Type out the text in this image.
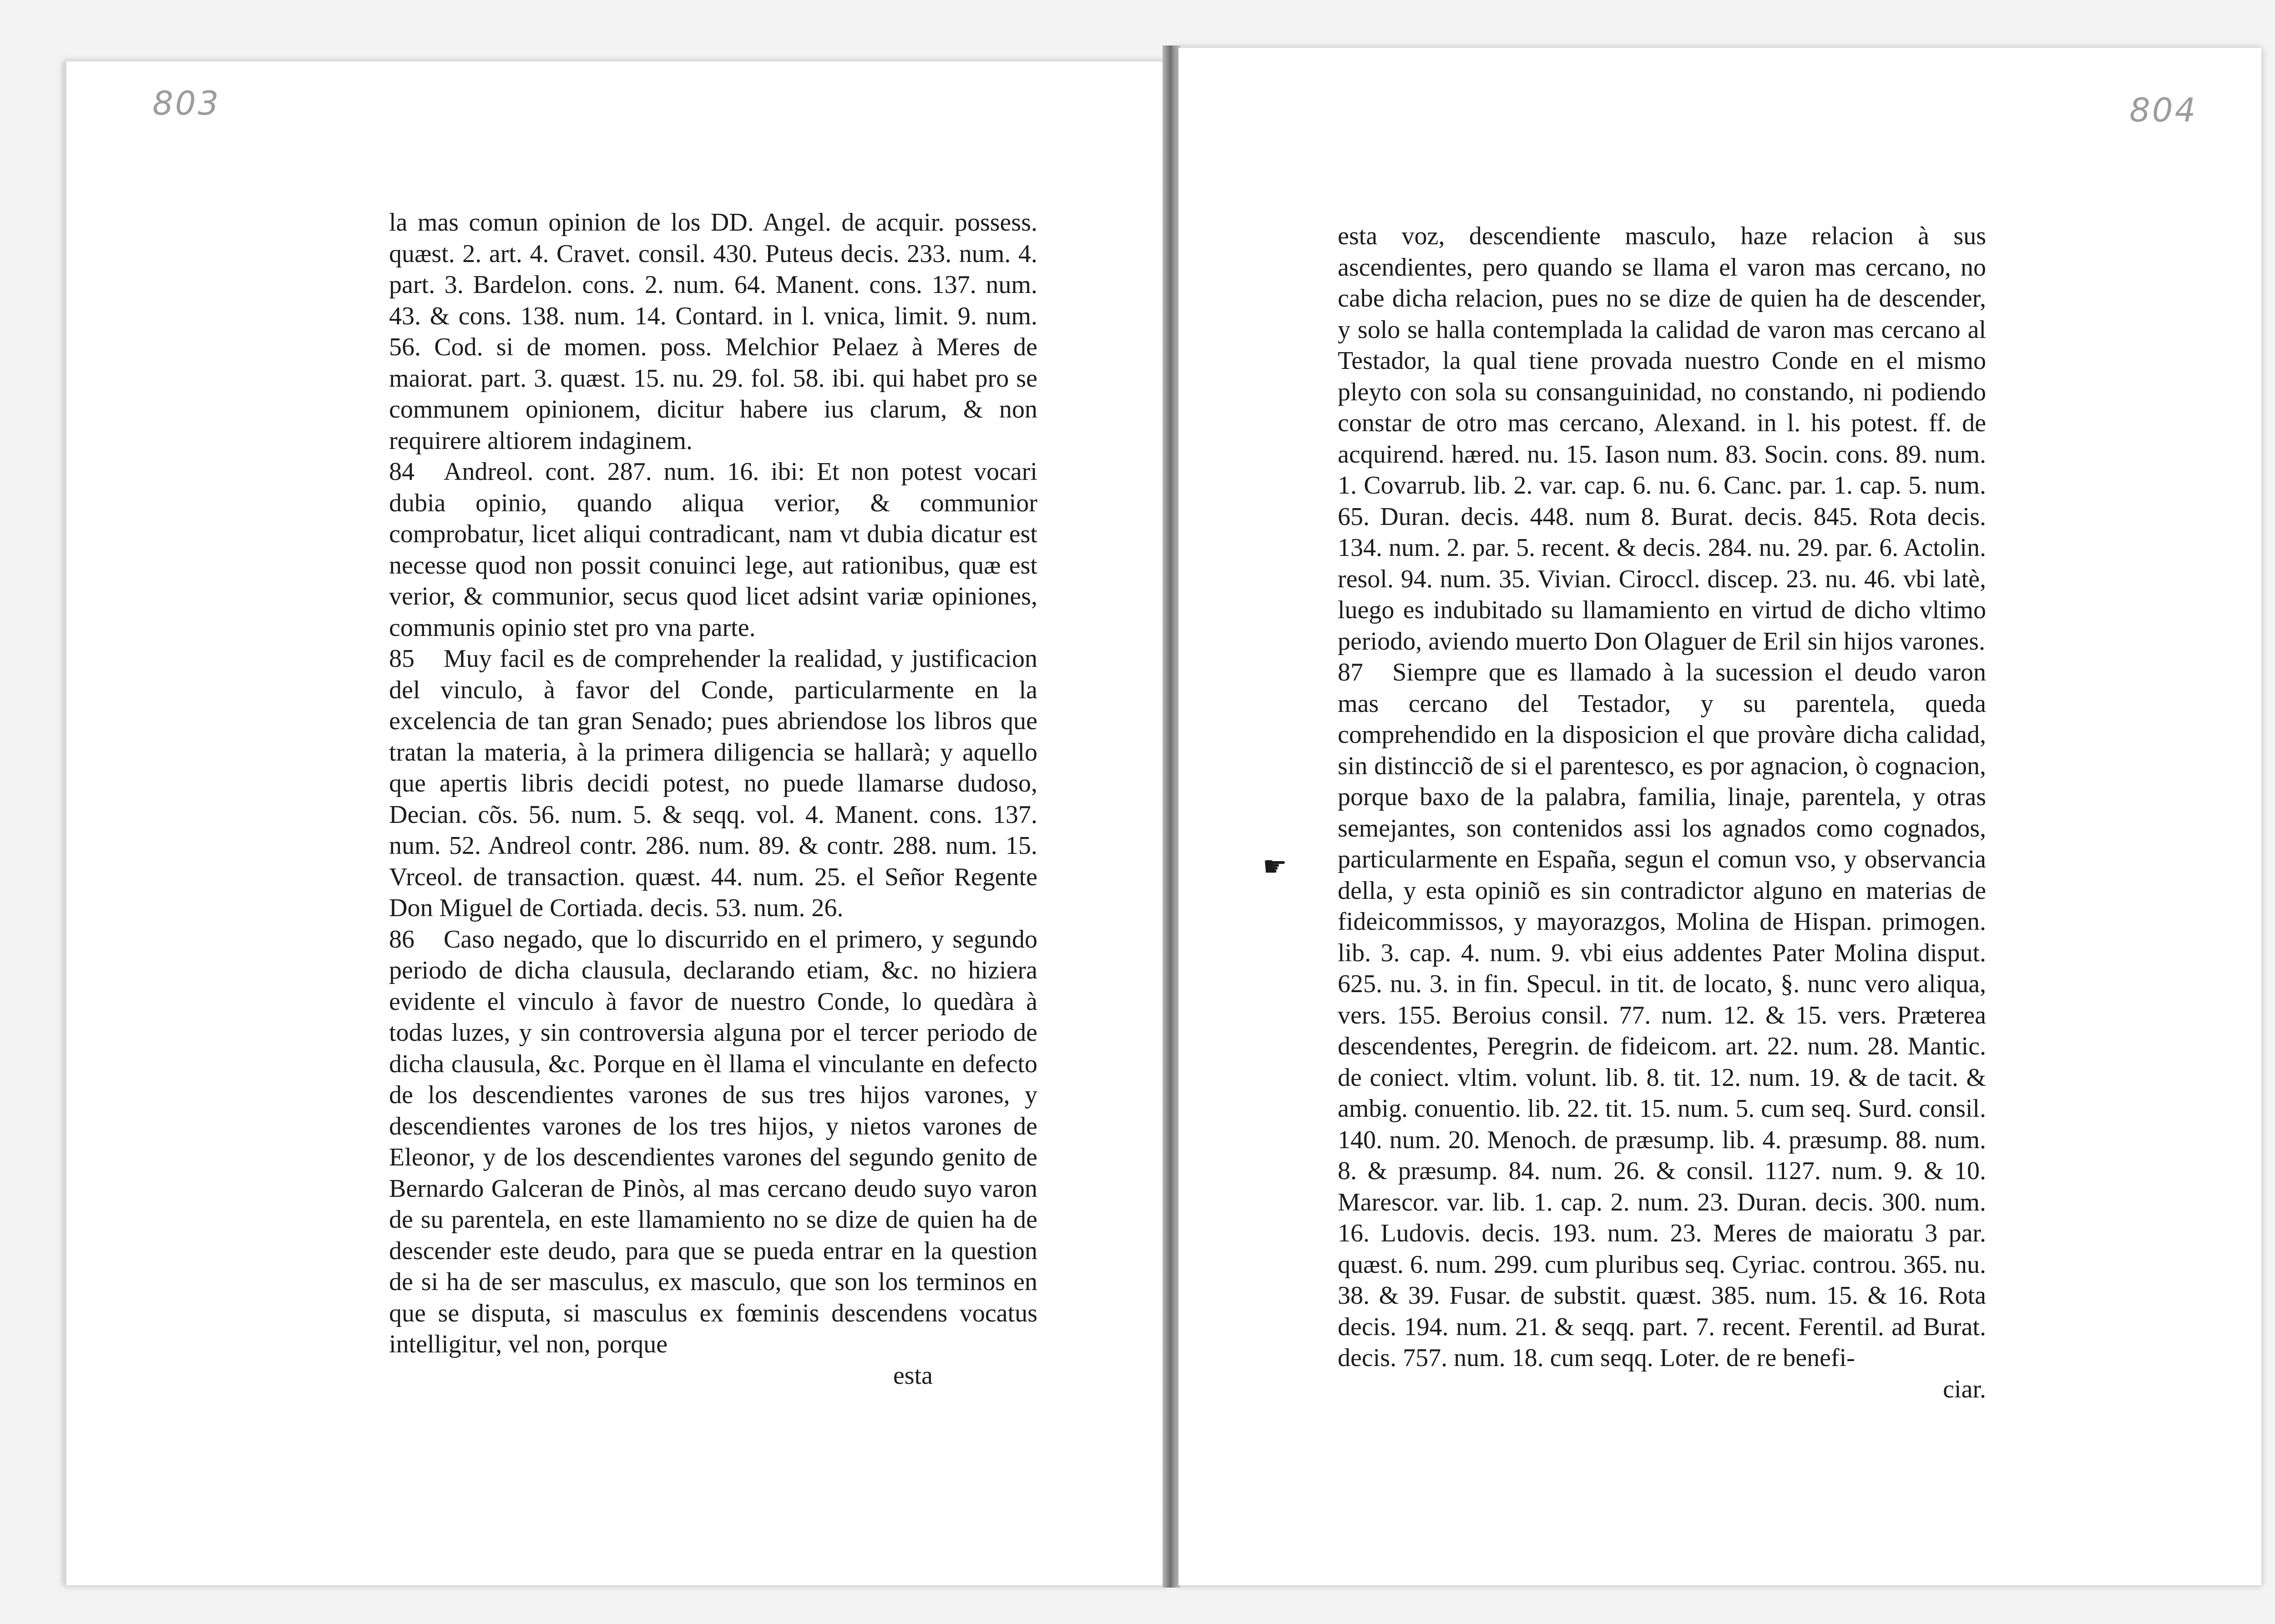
803	804

la mas comun opinion de los DD. Angel. de acquir. possess. quæst. 2. art. 4. Cravet. consil. 430. Puteus decis. 233. num. 4. part. 3. Bardelon. cons. 2. num. 64. Manent. cons. 137. num. 43. & cons. 138. num. 14. Contard. in l. vnica, limit. 9. num. 56. Cod. si de momen. poss. Melchior Pelaez à Meres de maiorat. part. 3. quæst. 15. nu. 29. fol. 58. ibi. qui habet pro se communem opinionem, dicitur habere ius clarum, & non requirere altiorem indaginem.

84 Andreol. cont. 287. num. 16. ibi: Et non potest vocari dubia opinio, quando aliqua verior, & communior comprobatur, licet aliqui contradicant, nam vt dubia dicatur est necesse quod non possit conuinci lege, aut rationibus, quæ est verior, & communior, secus quod licet adsint variæ opiniones, communis opinio stet pro vna parte.

85 Muy facil es de comprehender la realidad, y justificacion del vinculo, à favor del Conde, particularmente en la excelencia de tan gran Senado; pues abriendose los libros que tratan la materia, à la primera diligencia se hallarà; y aquello que apertis libris decidi potest, no puede llamarse dudoso, Decian. cõs. 56. num. 5. & seqq. vol. 4. Manent. cons. 137. num. 52. Andreol contr. 286. num. 89. & contr. 288. num. 15. Vrceol. de transaction. quæst. 44. num. 25. el Señor Regente Don Miguel de Cortiada. decis. 53. num. 26.

86 Caso negado, que lo discurrido en el primero, y segundo periodo de dicha clausula, declarando etiam, &c. no hiziera evidente el vinculo à favor de nuestro Conde, lo quedàra à todas luzes, y sin controversia alguna por el tercer periodo de dicha clausula, &c. Porque en èl llama el vinculante en defecto de los descendientes varones de sus tres hijos varones, y descendientes varones de los tres hijos, y nietos varones de Eleonor, y de los descendientes varones del segundo genito de Bernardo Galceran de Pinòs, al mas cercano deudo suyo varon de su parentela, en este llamamiento no se dize de quien ha de descender este deudo, para que se pueda entrar en la question de si ha de ser masculus, ex masculo, que son los terminos en que se disputa, si masculus ex fœminis descendens vocatus intelligitur, vel non, porque

esta

esta voz, descendiente masculo, haze relacion à sus ascendientes, pero quando se llama el varon mas cercano, no cabe dicha relacion, pues no se dize de quien ha de descender, y solo se halla contemplada la calidad de varon mas cercano al Testador, la qual tiene provada nuestro Conde en el mismo pleyto con sola su consanguinidad, no constando, ni podiendo constar de otro mas cercano, Alexand. in l. his potest. ff. de acquirend. hæred. nu. 15. Iason num. 83. Socin. cons. 89. num. 1. Covarrub. lib. 2. var. cap. 6. nu. 6. Canc. par. 1. cap. 5. num. 65. Duran. decis. 448. num 8. Burat. decis. 845. Rota decis. 134. num. 2. par. 5. recent. & decis. 284. nu. 29. par. 6. Actolin. resol. 94. num. 35. Vivian. Ciroccl. discep. 23. nu. 46. vbi latè, luego es indubitado su llamamiento en virtud de dicho vltimo periodo, aviendo muerto Don Olaguer de Eril sin hijos varones.

87 Siempre que es llamado à la sucession el deudo varon mas cercano del Testador, y su parentela, queda comprehendido en la disposicion el que provàre dicha calidad, sin distincciõ de si el parentesco, es por agnacion, ò cognacion, porque baxo de la palabra, familia, linaje, parentela, y otras semejantes, son contenidos assi los agnados como cognados, particularmente en España, segun el comun vso, y observancia della, y esta opiniõ es sin contradictor alguno en materias de fideicommissos, y mayorazgos, Molina de Hispan. primogen. lib. 3. cap. 4. num. 9. vbi eius addentes Pater Molina disput. 625. nu. 3. in fin. Specul. in tit. de locato, §. nunc vero aliqua, vers. 155. Beroius consil. 77. num. 12. & 15. vers. Præterea descendentes, Peregrin. de fideicom. art. 22. num. 28. Mantic. de coniect. vltim. volunt. lib. 8. tit. 12. num. 19. & de tacit. & ambig. conuentio. lib. 22. tit. 15. num. 5. cum seq. Surd. consil. 140. num. 20. Menoch. de præsump. lib. 4. præsump. 88. num. 8. & præsump. 84. num. 26. & consil. 1127. num. 9. & 10. Marescor. var. lib. 1. cap. 2. num. 23. Duran. decis. 300. num. 16. Ludovis. decis. 193. num. 23. Meres de maioratu 3 par. quæst. 6. num. 299. cum pluribus seq. Cyriac. controu. 365. nu. 38. & 39. Fusar. de substit. quæst. 385. num. 15. & 16. Rota decis. 194. num. 21. & seqq. part. 7. recent. Ferentil. ad Burat. decis. 757. num. 18. cum seqq. Loter. de re benefi-

ciar.
☛
